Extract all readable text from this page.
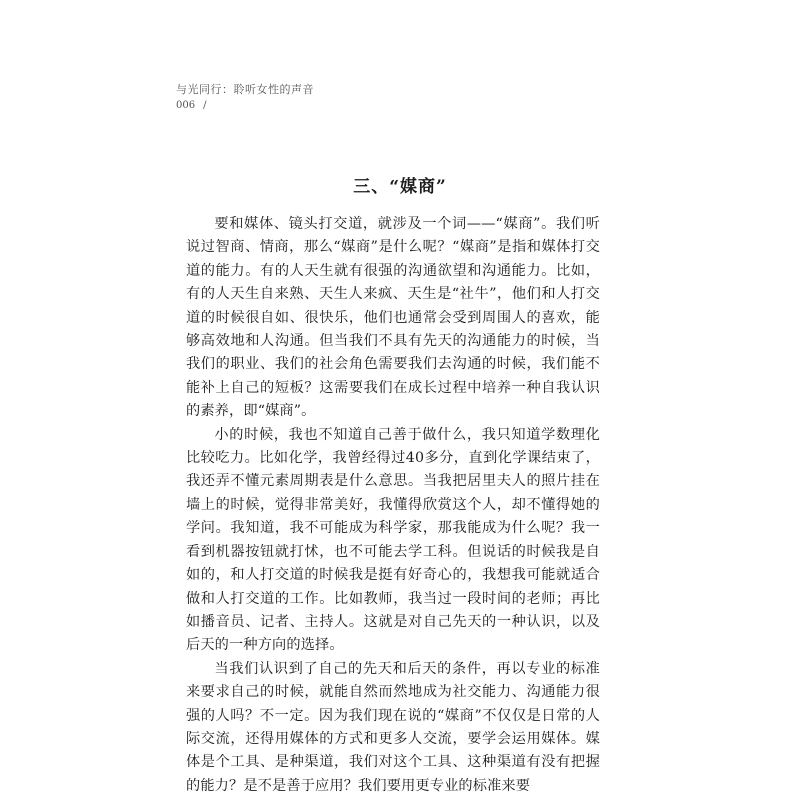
与光同行：聆听女性的声音
006 /
三、“媒商”

要和媒体、镜头打交道，就涉及一个词——“媒商”。我们听说过智商、情商，那么“媒商”是什么呢？“媒商”是指和媒体打交道的能力。有的人天生就有很强的沟通欲望和沟通能力。比如，有的人天生自来熟、天生人来疯、天生是“社牛”，他们和人打交道的时候很自如、很快乐，他们也通常会受到周围人的喜欢，能够高效地和人沟通。但当我们不具有先天的沟通能力的时候，当我们的职业、我们的社会角色需要我们去沟通的时候，我们能不能补上自己的短板？这需要我们在成长过程中培养一种自我认识的素养，即“媒商”。

小的时候，我也不知道自己善于做什么，我只知道学数理化比较吃力。比如化学，我曾经得过40多分，直到化学课结束了，我还弄不懂元素周期表是什么意思。当我把居里夫人的照片挂在墙上的时候，觉得非常美好，我懂得欣赏这个人，却不懂得她的学问。我知道，我不可能成为科学家，那我能成为什么呢？我一看到机器按钮就打怵，也不可能去学工科。但说话的时候我是自如的，和人打交道的时候我是挺有好奇心的，我想我可能就适合做和人打交道的工作。比如教师，我当过一段时间的老师；再比如播音员、记者、主持人。这就是对自己先天的一种认识，以及后天的一种方向的选择。

当我们认识到了自己的先天和后天的条件，再以专业的标准来要求自己的时候，就能自然而然地成为社交能力、沟通能力很强的人吗？不一定。因为我们现在说的“媒商”不仅仅是日常的人际交流，还得用媒体的方式和更多人交流，要学会运用媒体。媒体是个工具、是种渠道，我们对这个工具、这种渠道有没有把握的能力？是不是善于应用？我们要用更专业的标准来要
